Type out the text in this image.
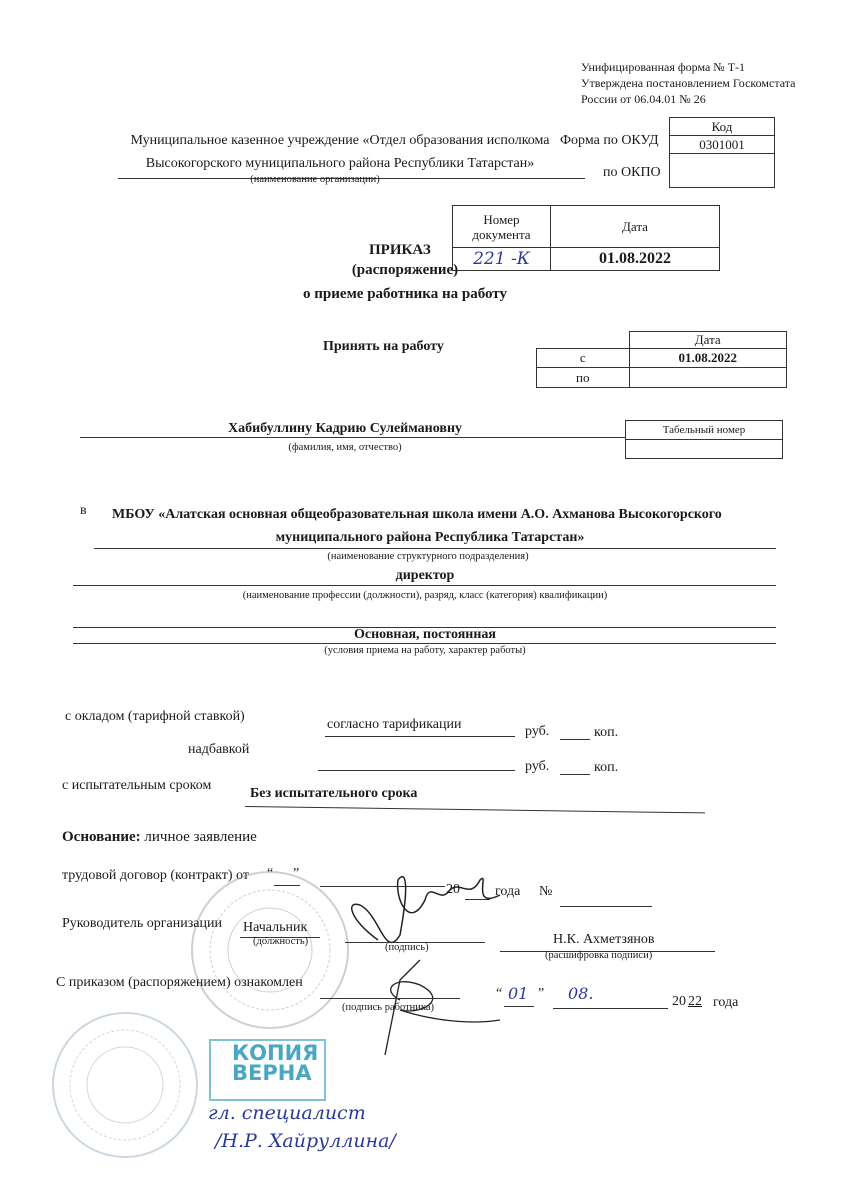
Унифицированная форма № Т-1
Утверждена постановлением Госкомстата
России от 06.04.01 № 26
Код
0301001

Форма по ОКУД
по ОКПО
Муниципальное казенное учреждение «Отдел образования исполкома
Высокогорского муниципального района Республики Татарстан»
(наименование организации)
Номер документа	Дата
221 -К	01.08.2022
ПРИКАЗ
(распоряжение)
о приеме работника на работу
Принять на работу
		Дата
с	01.08.2022
по	
Хабибуллину Кадрию Сулеймановну
(фамилия, имя, отчество)
Табельный номер

в МБОУ «Алатская основная общеобразовательная школа имени А.О. Ахманова Высокогорского
муниципального района Республика Татарстан»
(наименование структурного подразделения)
директор
(наименование профессии (должности), разряд, класс (категория) квалификации)
Основная, постоянная
(условия приема на работу, характер работы)
с окладом (тарифной ставкой)
согласно тарификации	руб.	коп.
надбавкой
руб.	коп.
с испытательным сроком
Без испытательного срока
Основание: личное заявление
трудовой договор (контракт) от “ ”
20	года №
КОПИЯ
ВЕРНА
гл. специалист
/Н.Р. Хайруллина/
Руководитель организации Начальник
(должность)
(подпись)
Н.К. Ахметзянов
(расшифровка подписи)
С приказом (распоряжением) ознакомлен
(подпись работника)
“ 01 ” 08.	20 22 года
